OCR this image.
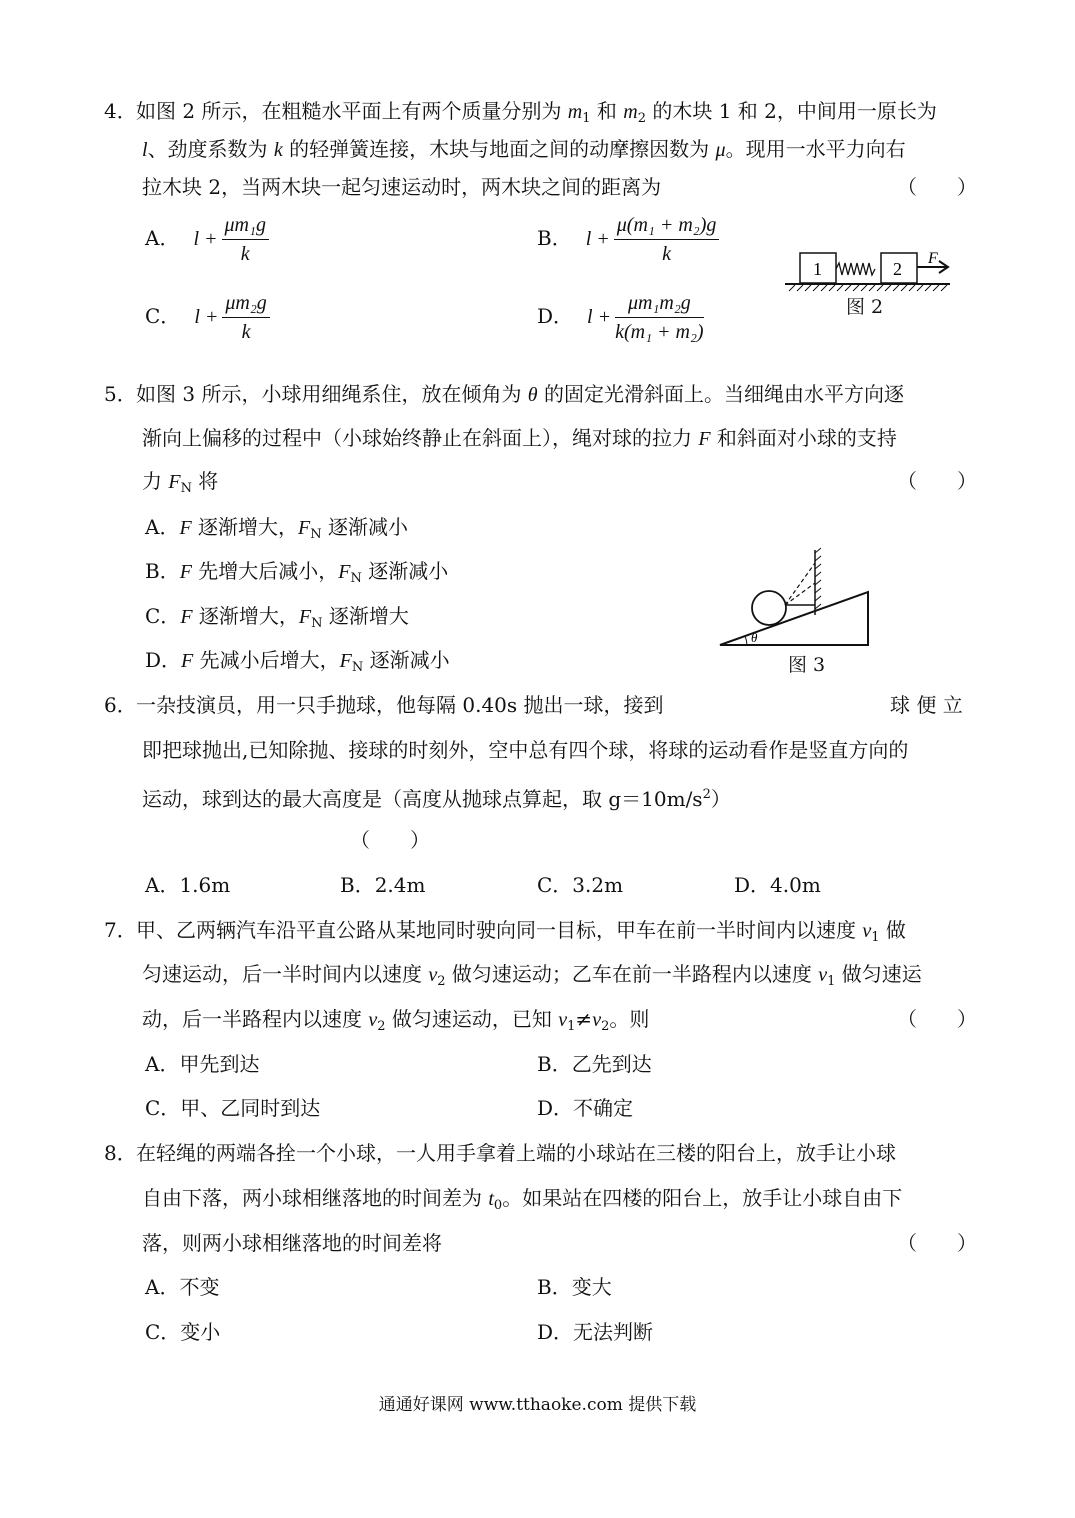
4． 如图 2 所示，在粗糙水平面上有两个质量分别为 $m_1$ 和 $m_2$ 的木块 1 和 2，中间用一原长为
l、劲度系数为 k 的轻弹簧连接，木块与地面之间的动摩擦因数为 μ。现用一水平力向右
拉木块 2，当两木块一起匀速运动时，两木块之间的距离为	（　　）
A． $l + \frac{\text{μm₁g}}{k}$	B． $l + \frac{\text{μ(m₁ + m₂)g}}{k}$
C． $l + \frac{\text{μm₂g}}{k}$	D． $l + \frac{\text{μm₁m₂g}}{\text{k(m₁ + m₂)}}$
1	2
F
图 2
5． 如图 3 所示，小球用细绳系住，放在倾角为 θ 的固定光滑斜面上。当细绳由水平方向逐
渐向上偏移的过程中（小球始终静止在斜面上），绳对球的拉力 F 和斜面对小球的支持
力 $F_N$ 将	（　　）
A．F 逐渐增大，$F_N$ 逐渐减小
B．F 先增大后减小，$F_N$ 逐渐减小
C．F 逐渐增大，$F_N$ 逐渐增大
D．F 先减小后增大，$F_N$ 逐渐减小
θ
图 3
6． 一杂技演员，用一只手抛球，他每隔 0.40s 抛出一球，接到	球 便 立
即把球抛出,已知除抛、接球的时刻外，空中总有四个球，将球的运动看作是竖直方向的
运动，球到达的最大高度是（高度从抛球点算起，取 $g=10m/s^2$）
（　　）
A．1.6m	B．2.4m	C．3.2m	D．4.0m
7． 甲、乙两辆汽车沿平直公路从某地同时驶向同一目标，甲车在前一半时间内以速度 $v_1$ 做
匀速运动，后一半时间内以速度 $v_2$ 做匀速运动；乙车在前一半路程内以速度 $v_1$ 做匀速运
动，后一半路程内以速度 $v_2$ 做匀速运动，已知 $v_1\ne v_2$。则	（　　）
A．甲先到达	B．乙先到达
C．甲、乙同时到达	D．不确定
8． 在轻绳的两端各拴一个小球，一人用手拿着上端的小球站在三楼的阳台上，放手让小球
自由下落，两小球相继落地的时间差为 $t_0$。如果站在四楼的阳台上，放手让小球自由下
落，则两小球相继落地的时间差将	（　　）
A．不变	B．变大
C．变小	D．无法判断
通通好课网 www.tthaoke.com 提供下载
